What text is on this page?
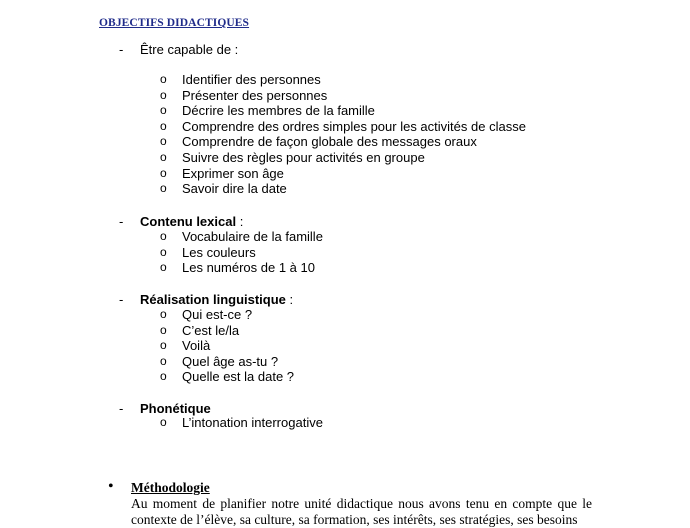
OBJECTIFS DIDACTIQUES
- Être capable de :
o Identifier des personnes
o Présenter des personnes
o Décrire les membres de la famille
o Comprendre des ordres simples pour les activités de classe
o Comprendre de façon globale des messages oraux
o Suivre des règles pour activités en groupe
o Exprimer son âge
o Savoir dire la date
- Contenu lexical :
o Vocabulaire de la famille
o Les couleurs
o Les numéros de 1 à 10
- Réalisation linguistique :
o Qui est-ce ?
o C’est le/la
o Voilà
o Quel âge as-tu ?
o Quelle est la date ?
- Phonétique
o L’intonation interrogative
• Méthodologie
Au moment de planifier notre unité didactique nous avons tenu en compte que le
contexte de l’élève, sa culture, sa formation, ses intérêts, ses stratégies, ses besoins
